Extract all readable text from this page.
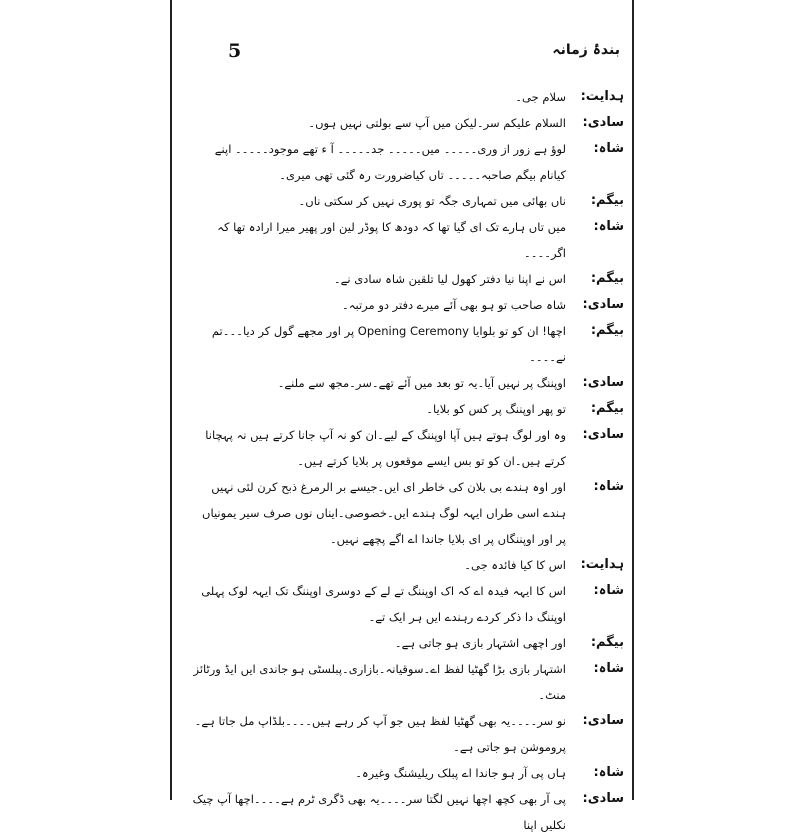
5	بندۂ زمانہ
ہدایت:
سلام جی۔
سادی:
السلام علیکم سر۔لیکن میں آپ سے بولتی نہیں ہوں۔
شاہ:
لوؤ ہے زور از وری۔۔۔۔۔ میں۔۔۔۔۔ جد۔۔۔۔۔ آ ء تھے موجود۔۔۔۔۔ اپنے کیانام بیگم صاحبہ۔۔۔۔۔ تاں کیاضرورت رہ گئی تھی میری۔
بیگم:
ناں بھائی میں تمہاری جگہ تو پوری نہیں کر سکتی ناں۔
شاہ:
میں تاں ہارے تک ای گیا تھا کہ دودھ کا پوڈر لین اور پھیر میرا ارادہ تھا کہ اگر۔۔۔۔
بیگم:
اس نے اپنا نیا دفتر کھول لیا تلقین شاہ سادی نے۔
سادی:
شاہ صاحب تو ہو بھی آئے میرے دفتر دو مرتبہ۔
بیگم:
اچھا! ان کو تو بلوایا Opening Ceremony پر اور مجھے گول کر دیا۔۔۔تم نے۔۔۔۔
سادی:
اوپننگ پر نہیں آیا۔یہ تو بعد میں آئے تھے۔سر۔مجھ سے ملنے۔
بیگم:
تو پھر اوپننگ پر کس کو بلایا۔
سادی:
وہ اور لوگ ہوتے ہیں آپا اوپننگ کے لیے۔ان کو نہ آپ جانا کرتے ہیں نہ پہچانا کرتے ہیں۔ان کو تو بس ایسے موقعوں پر بلایا کرتے ہیں۔
شاہ:
اور اوہ ہندے بی بلان کی خاطر ای ایں۔جیسے بر الرمرغ ذبح کرن لئی نہیں ہندے اسی طراں ایہہ لوگ ہندے ایں۔خصوصی۔ایناں نوں صرف سیر یمونیاں پر اور اوپننگاں پر ای بلایا جاندا اے اگے پچھے نہیں۔
ہدایت:
اس کا کیا فائدہ جی۔
شاہ:
اس کا ایہہ فیدہ اے کہ اک اوپننگ تے لے کے دوسری اوپننگ تک ایہہ لوک پہلی اوپننگ دا ذکر کردے رہندے ایں ہر ایک تے۔
بیگم:
اور اچھی اشتہار بازی ہو جاتی ہے۔
شاہ:
اشتہار بازی بڑا گھٹیا لفظ اے۔سوقیانہ۔بازاری۔پبلسٹی ہو جاندی ایں ایڈ ورٹائز منٹ۔
سادی:
نو سر۔۔۔۔یہ بھی گھٹیا لفظ ہیں جو آپ کر رہے ہیں۔۔۔۔بلڈاپ مل جاتا ہے۔پروموشن ہو جاتی ہے۔
شاہ:
ہاں پی آر ہو جاندا اے پبلک ریلیشنگ وغیرہ۔
سادی:
پی آر بھی کچھ اچھا نہیں لگتا سر۔۔۔۔یہ بھی ڈگری ٹرم ہے۔۔۔۔اچھا آپ چیک نکلیں اپنا
